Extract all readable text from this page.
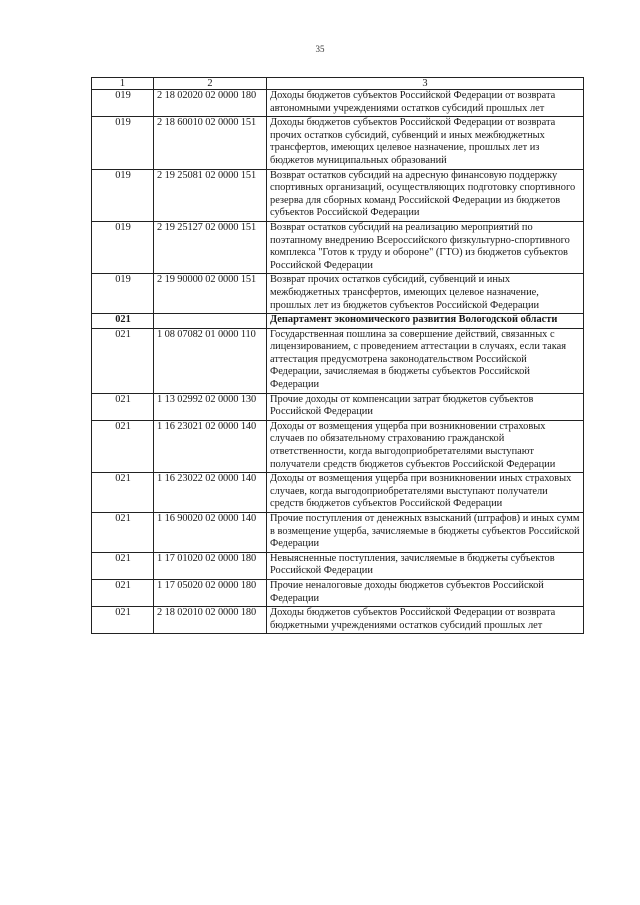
35
1	2	3
019	2 18 02020 02 0000 180	Доходы бюджетов субъектов Российской Федерации от возврата автономными учреждениями остатков субсидий прошлых лет
019	2 18 60010 02 0000 151	Доходы бюджетов субъектов Российской Федерации от возврата прочих остатков субсидий, субвенций и иных межбюджетных трансфертов, имеющих целевое назначение, прошлых лет из бюджетов муниципальных образований
019	2 19 25081 02 0000 151	Возврат остатков субсидий на адресную финансовую поддержку спортивных организаций, осуществляющих подготовку спортивного резерва для сборных команд Российской Федерации из бюджетов субъектов Российской Федерации
019	2 19 25127 02 0000 151	Возврат остатков субсидий на реализацию мероприятий по поэтапному внедрению Всероссийского физкультурно-спортивного комплекса "Готов к труду и обороне" (ГТО) из бюджетов субъектов Российской Федерации
019	2 19 90000 02 0000 151	Возврат прочих остатков субсидий, субвенций и иных межбюджетных трансфертов, имеющих целевое назначение, прошлых лет из бюджетов субъектов Российской Федерации
021		Департамент экономического развития Вологодской области
021	1 08 07082 01 0000 110	Государственная пошлина за совершение действий, связанных с лицензированием, с проведением аттестации в случаях, если такая аттестация предусмотрена законодательством Российской Федерации, зачисляемая в бюджеты субъектов Российской Федерации
021	1 13 02992 02 0000 130	Прочие доходы от компенсации затрат бюджетов субъектов Российской Федерации
021	1 16 23021 02 0000 140	Доходы от возмещения ущерба при возникновении страховых случаев по обязательному страхованию гражданской ответственности, когда выгодоприобретателями выступают получатели средств бюджетов субъектов Российской Федерации
021	1 16 23022 02 0000 140	Доходы от возмещения ущерба при возникновении иных страховых случаев, когда выгодоприобретателями выступают получатели средств бюджетов субъектов Российской Федерации
021	1 16 90020 02 0000 140	Прочие поступления от денежных взысканий (штрафов) и иных сумм в возмещение ущерба, зачисляемые в бюджеты субъектов Российской Федерации
021	1 17 01020 02 0000 180	Невыясненные поступления, зачисляемые в бюджеты субъектов Российской Федерации
021	1 17 05020 02 0000 180	Прочие неналоговые доходы бюджетов субъектов Российской Федерации
021	2 18 02010 02 0000 180	Доходы бюджетов субъектов Российской Федерации от возврата бюджетными учреждениями остатков субсидий прошлых лет
